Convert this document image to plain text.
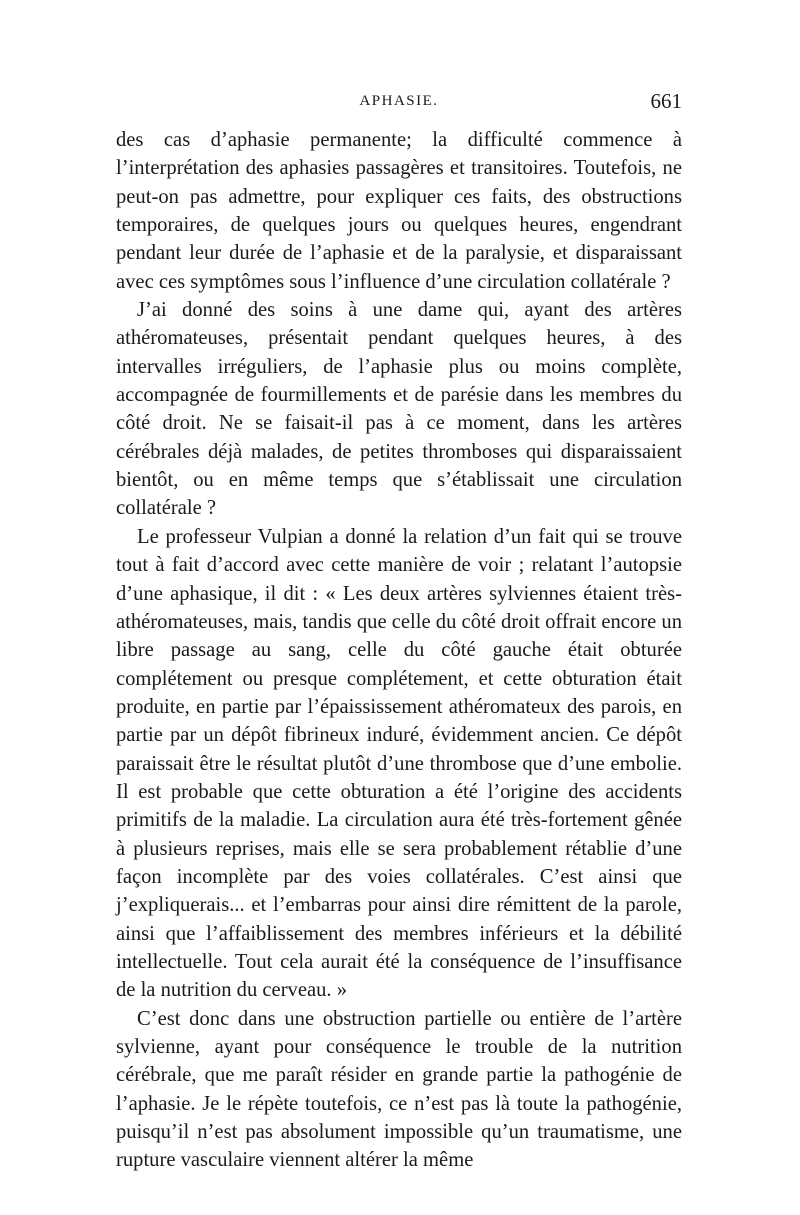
APHASIE.	661

des cas d’aphasie permanente; la difficulté commence à l’interprétation des aphasies passagères et transitoires. Toutefois, ne peut-on pas admettre, pour expliquer ces faits, des obstructions temporaires, de quelques jours ou quelques heures, engendrant pendant leur durée de l’aphasie et de la paralysie, et disparaissant avec ces symptômes sous l’influence d’une circulation collatérale ?

J’ai donné des soins à une dame qui, ayant des artères athéromateuses, présentait pendant quelques heures, à des intervalles irréguliers, de l’aphasie plus ou moins complète, accompagnée de fourmillements et de parésie dans les membres du côté droit. Ne se faisait-il pas à ce moment, dans les artères cérébrales déjà malades, de petites thromboses qui disparaissaient bientôt, ou en même temps que s’établissait une circulation collatérale ?

Le professeur Vulpian a donné la relation d’un fait qui se trouve tout à fait d’accord avec cette manière de voir ; relatant l’autopsie d’une aphasique, il dit : « Les deux artères sylviennes étaient très-athéromateuses, mais, tandis que celle du côté droit offrait encore un libre passage au sang, celle du côté gauche était obturée complétement ou presque complétement, et cette obturation était produite, en partie par l’épaississement athéromateux des parois, en partie par un dépôt fibrineux induré, évidemment ancien. Ce dépôt paraissait être le résultat plutôt d’une thrombose que d’une embolie. Il est probable que cette obturation a été l’origine des accidents primitifs de la maladie. La circulation aura été très-fortement gênée à plusieurs reprises, mais elle se sera probablement rétablie d’une façon incomplète par des voies collatérales. C’est ainsi que j’expliquerais... et l’embarras pour ainsi dire rémittent de la parole, ainsi que l’affaiblissement des membres inférieurs et la débilité intellectuelle. Tout cela aurait été la conséquence de l’insuffisance de la nutrition du cerveau. »

C’est donc dans une obstruction partielle ou entière de l’artère sylvienne, ayant pour conséquence le trouble de la nutrition cérébrale, que me paraît résider en grande partie la pathogénie de l’aphasie. Je le répète toutefois, ce n’est pas là toute la pathogénie, puisqu’il n’est pas absolument impossible qu’un traumatisme, une rupture vasculaire viennent altérer la même
